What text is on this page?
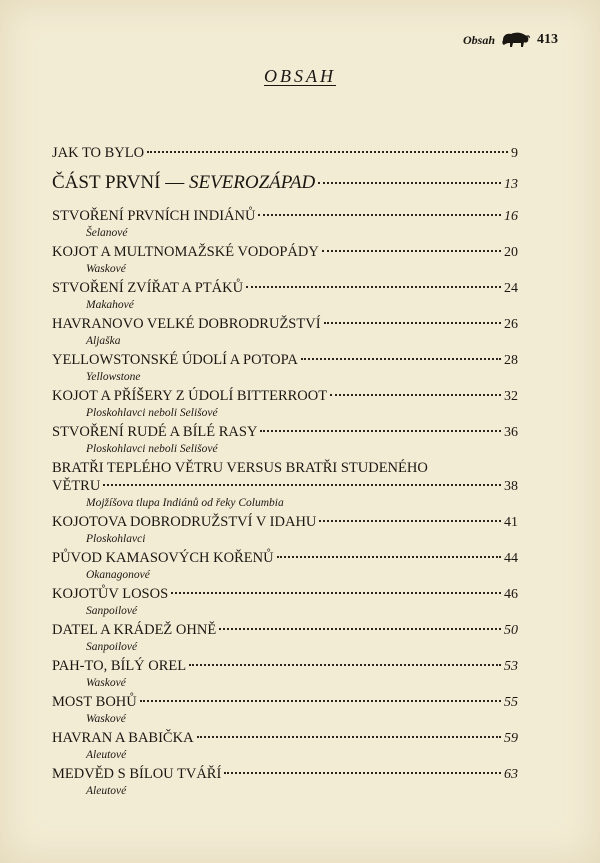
Obsah	413
OBSAH
JAK TO BYLO	9
ČÁST PRVNÍ — SEVEROZÁPAD	13
STVOŘENÍ PRVNÍCH INDIÁNŮ	16
Šelanové
KOJOT A MULTNOMAŽSKÉ VODOPÁDY	20
Waskové
STVOŘENÍ ZVÍŘAT A PTÁKŮ	24
Makahové
HAVRANOVO VELKÉ DOBRODRUŽSTVÍ	26
Aljaška
YELLOWSTONSKÉ ÚDOLÍ A POTOPA	28
Yellowstone
KOJOT A PŘÍŠERY Z ÚDOLÍ BITTERROOT	32
Ploskohlavci neboli Selišové
STVOŘENÍ RUDÉ A BÍLÉ RASY	36
Ploskohlavci neboli Selišové
BRATŘI TEPLÉHO VĚTRU VERSUS BRATŘI STUDENÉHO
VĚTRU	38
Mojžíšova tlupa Indiánů od řeky Columbia
KOJOTOVA DOBRODRUŽSTVÍ V IDAHU	41
Ploskohlavci
PŮVOD KAMASOVÝCH KOŘENŮ	44
Okanagonové
KOJOTŮV LOSOS	46
Sanpoilové
DATEL A KRÁDEŽ OHNĚ	50
Sanpoilové
PAH-TO, BÍLÝ OREL	53
Waskové
MOST BOHŮ	55
Waskové
HAVRAN A BABIČKA	59
Aleutové
MEDVĚD S BÍLOU TVÁŘÍ	63
Aleutové
